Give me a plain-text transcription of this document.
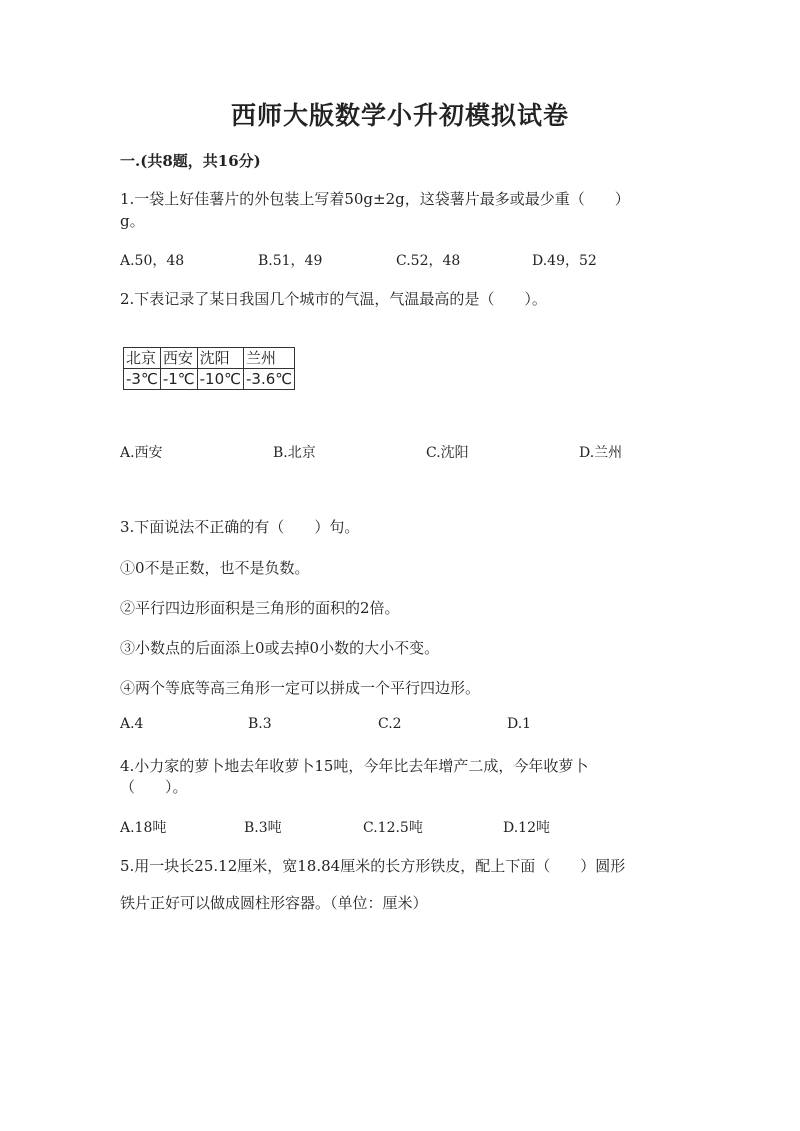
西师大版数学小升初模拟试卷
一.(共8题，共16分)
1.一袋上好佳薯片的外包装上写着50g±2g，这袋薯片最多或最少重（　　）
g。
A.50，48	B.51，49	C.52，48	D.49，52
2.下表记录了某日我国几个城市的气温，气温最高的是（　　）。
北京	西安	沈阳	兰州
-3℃	-1℃	-10℃	-3.6℃
A.西安	B.北京	C.沈阳	D.兰州
3.下面说法不正确的有（　　）句。
①0不是正数，也不是负数。
②平行四边形面积是三角形的面积的2倍。
③小数点的后面添上0或去掉0小数的大小不变。
④两个等底等高三角形一定可以拼成一个平行四边形。
A.4	B.3	C.2	D.1
4.小力家的萝卜地去年收萝卜15吨，今年比去年增产二成，今年收萝卜
（　　）。
A.18吨	B.3吨	C.12.5吨	D.12吨
5.用一块长25.12厘米，宽18.84厘米的长方形铁皮，配上下面（　　）圆形
铁片正好可以做成圆柱形容器。（单位：厘米）
